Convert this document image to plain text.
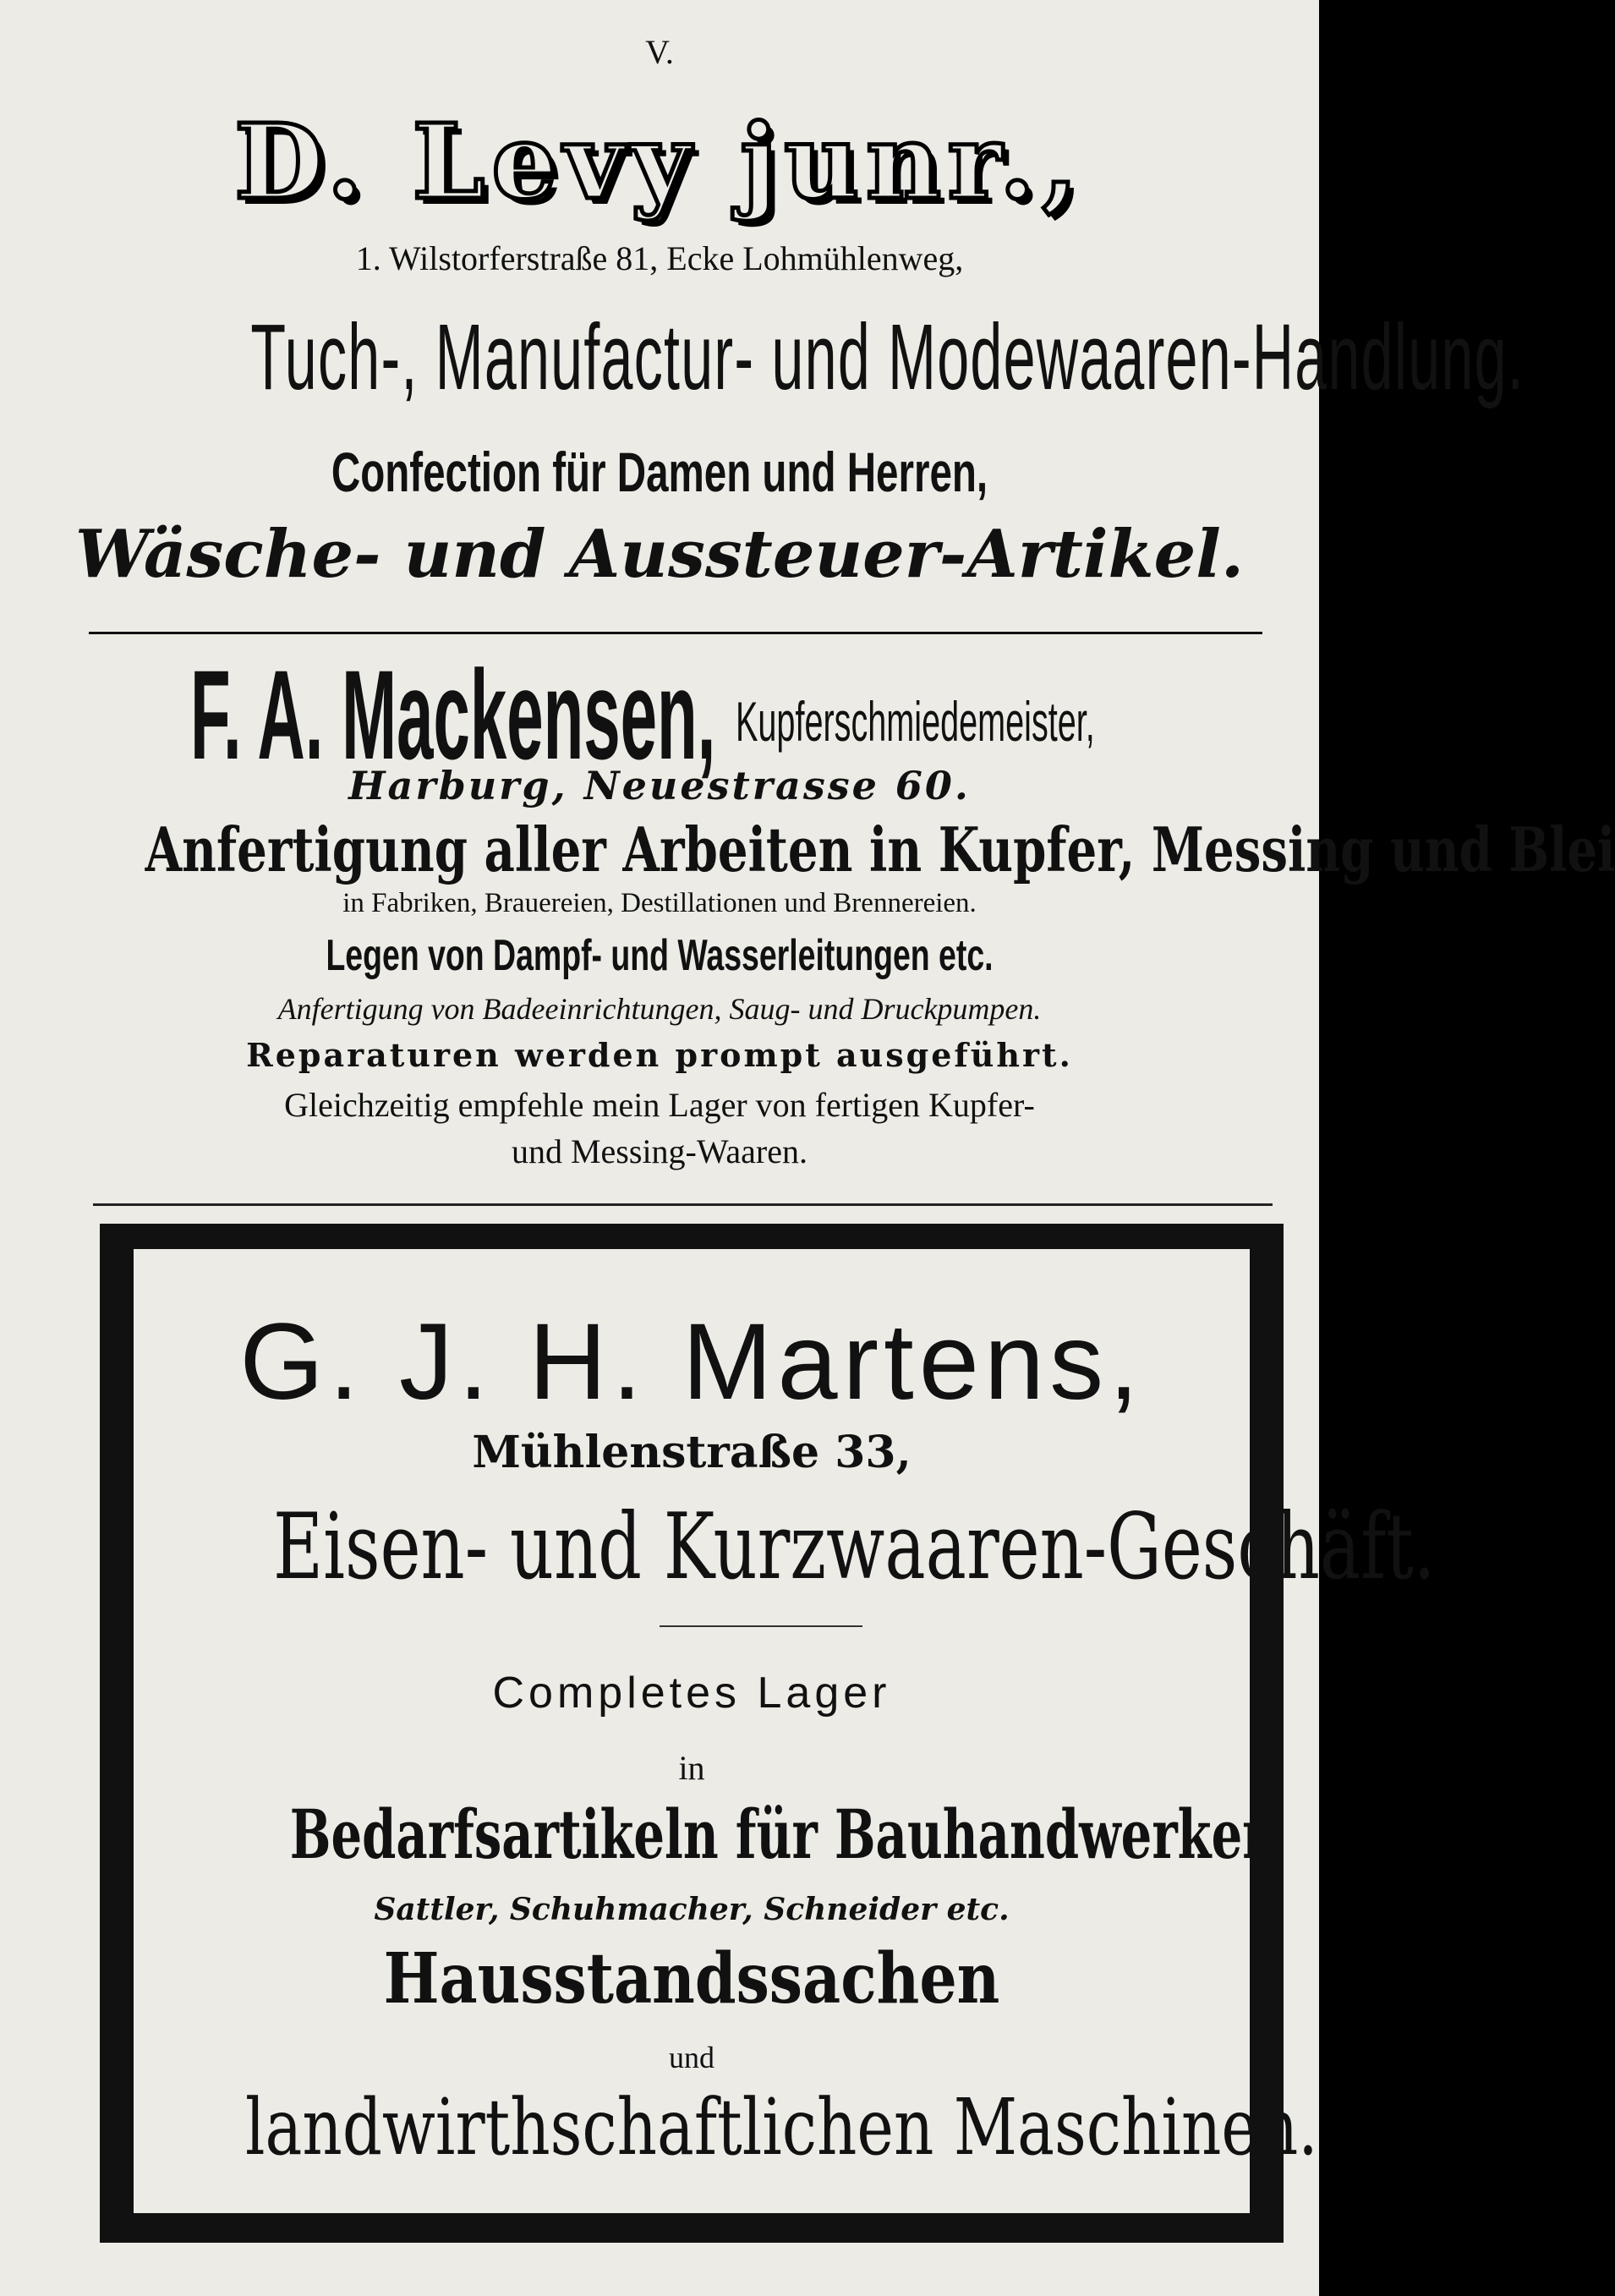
V.
D. Levy junr.,
1. Wilstorferstraße 81, Ecke Lohmühlenweg,
Tuch-, Manufactur- und Modewaaren-Handlung.
Confection für Damen und Herren,
Wäsche- und Aussteuer-Artikel.
F. A. Mackensen, Kupferschmiedemeister,
Harburg, Neuestrasse 60.
Anfertigung aller Arbeiten in Kupfer, Messing und Blei
in Fabriken, Brauereien, Destillationen und Brennereien.
Legen von Dampf- und Wasserleitungen etc.
Anfertigung von Badeeinrichtungen, Saug- und Druckpumpen.
Reparaturen werden prompt ausgeführt.
Gleichzeitig empfehle mein Lager von fertigen Kupfer-
und Messing-Waaren.
G. J. H. Martens,
Mühlenstraße 33,
Eisen- und Kurzwaaren-Geschäft.
Completes Lager
in
Bedarfsartikeln für Bauhandwerker,
Sattler, Schuhmacher, Schneider etc.
Hausstandssachen
und
landwirthschaftlichen Maschinen.
